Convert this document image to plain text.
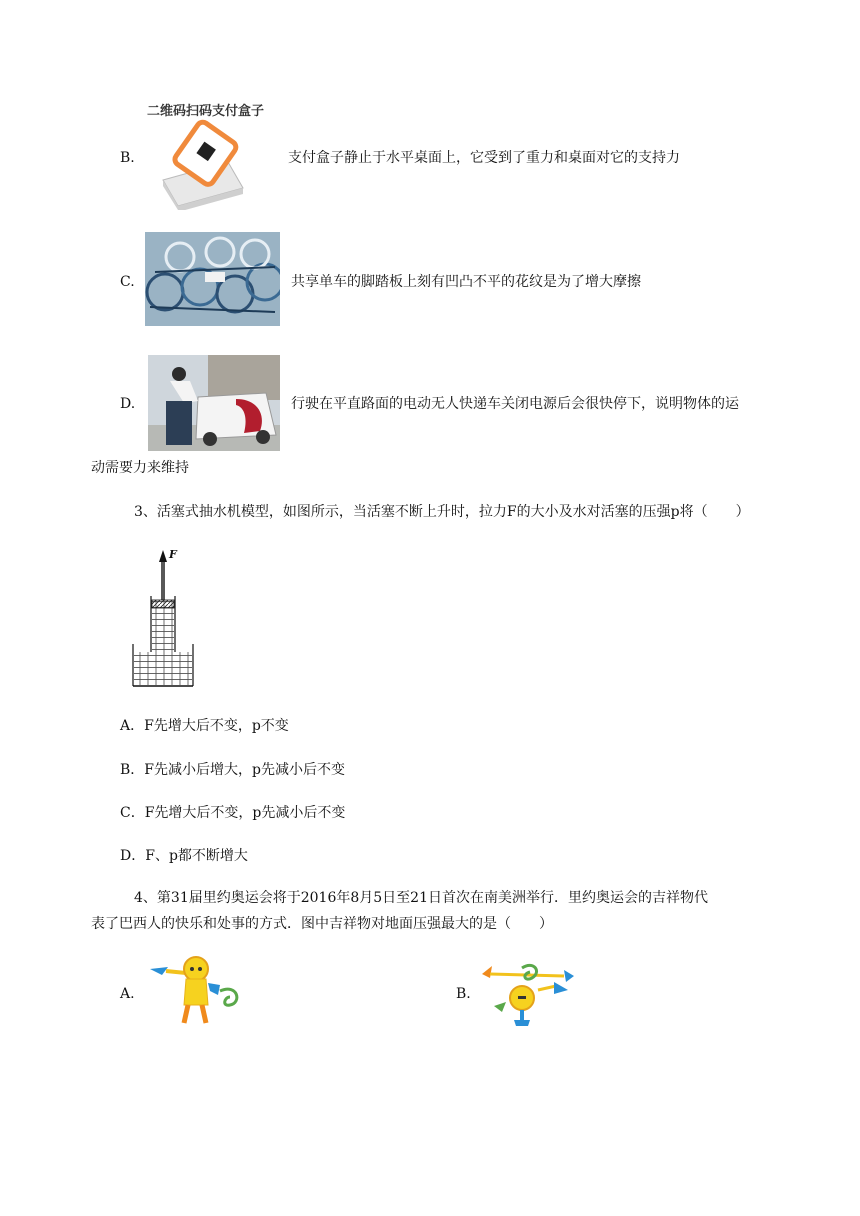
B.
二维码扫码支付盒子
支付盒子静止于水平桌面上，它受到了重力和桌面对它的支持力
C.	共享单车的脚踏板上刻有凹凸不平的花纹是为了增大摩擦
D.	行驶在平直路面的电动无人快递车关闭电源后会很快停下，说明物体的运
动需要力来维持
3、活塞式抽水机模型，如图所示，当活塞不断上升时，拉力F的大小及水对活塞的压强p将（　　）
F
A．F先增大后不变，p不变
B．F先减小后增大，p先减小后不变
C．F先增大后不变，p先减小后不变
D．F、p都不断增大
4、第31届里约奥运会将于2016年8月5日至21日首次在南美洲举行．里约奥运会的吉祥物代
表了巴西人的快乐和处事的方式．图中吉祥物对地面压强最大的是（　　）
A.	B.
